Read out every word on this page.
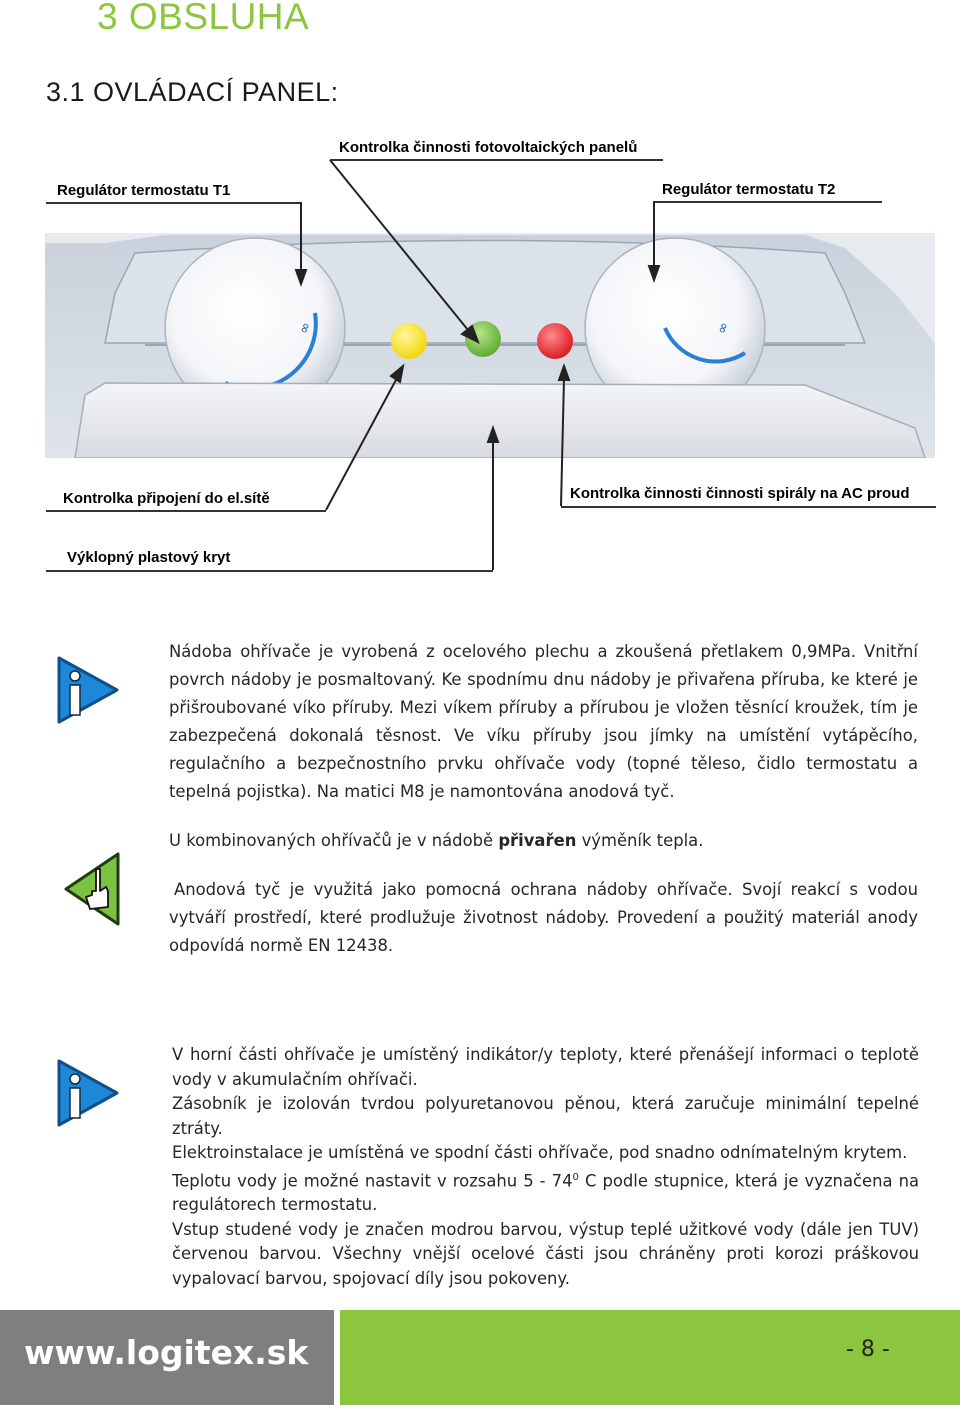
3 OBSLUHA
3.1 OVLÁDACÍ PANEL:
Kontrolka činnosti fotovoltaických panelů
Regulátor termostatu T1	Regulátor termostatu T2
Kontrolka připojení do el.sítě	Kontrolka činnosti činnosti spirály na AC proud
Výklopný plastový kryt
∞	∞

Nádoba ohřívače je vyrobená z ocelového plechu a zkoušená přetlakem 0,9MPa. Vnitřní povrch nádoby je posmaltovaný. Ke spodnímu dnu nádoby je přivařena příruba, ke které je přišroubované víko příruby. Mezi víkem příruby a přírubou je vložen těsnící kroužek, tím je zabezpečená dokonalá těsnost. Ve víku příruby jsou jímky na umístění vytápěcího, regulačního a bezpečnostního prvku ohřívače vody (topné těleso, čidlo termostatu a tepelná pojistka). Na matici M8 je namontována anodová tyč.

U kombinovaných ohřívačů je v nádobě přivařen výměník tepla.

Anodová tyč je využitá jako pomocná ochrana nádoby ohřívače. Svojí reakcí s vodou vytváří prostředí, které prodlužuje životnost nádoby. Provedení a použitý materiál anody odpovídá normě EN 12438.

V horní části ohřívače je umístěný indikátor/y teploty, které přenášejí informaci o teplotě vody v akumulačním ohřívači.

Zásobník je izolován tvrdou polyuretanovou pěnou, která zaručuje minimální tepelné ztráty.

Elektroinstalace je umístěná ve spodní části ohřívače, pod snadno odnímatelným krytem.

Teplotu vody je možné nastavit v rozsahu $5 - 74^0$ C podle stupnice, která je vyznačena na regulátorech termostatu.

Vstup studené vody je značen modrou barvou, výstup teplé užitkové vody (dále jen TUV) červenou barvou. Všechny vnější ocelové části jsou chráněny proti korozi práškovou vypalovací barvou, spojovací díly jsou pokoveny.

www.logitex.sk	- 8 -
